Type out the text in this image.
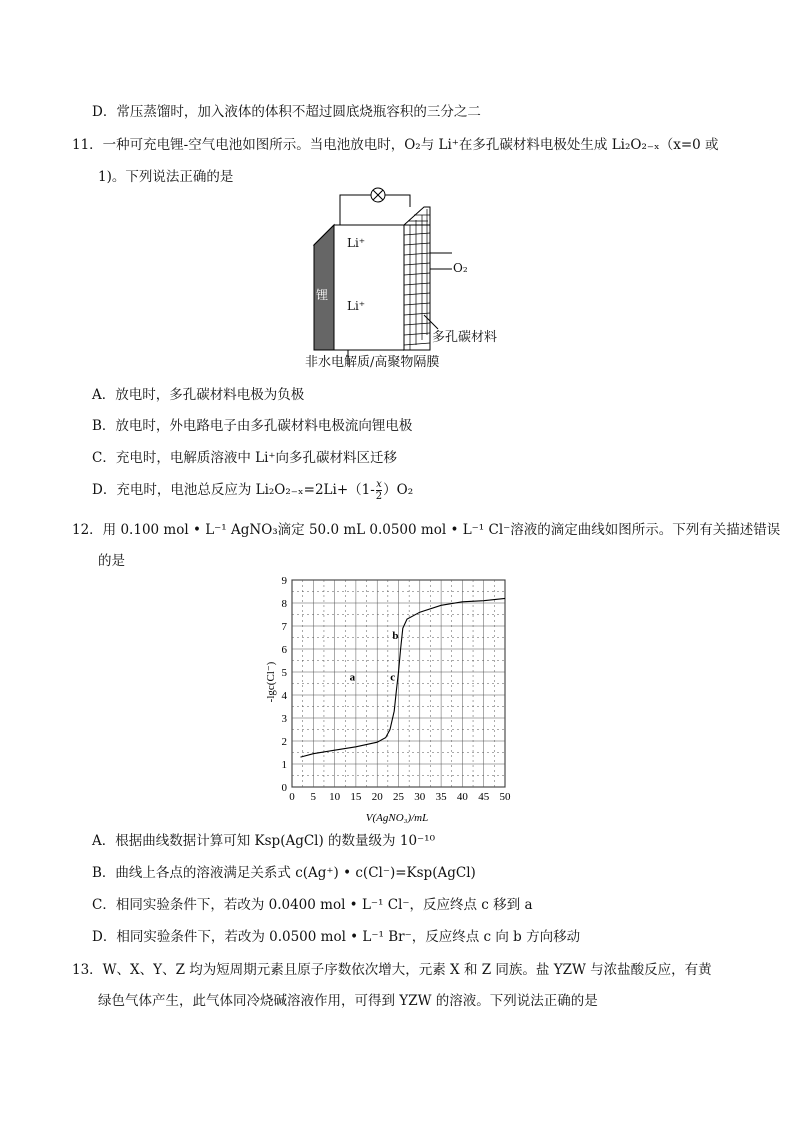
D．常压蒸馏时，加入液体的体积不超过圆底烧瓶容积的三分之二
11．一种可充电锂-空气电池如图所示。当电池放电时，O₂与 Li⁺在多孔碳材料电极处生成 Li₂O₂₋ₓ（x=0 或
1)。下列说法正确的是
Li⁺
Li⁺
锂
O₂
多孔碳材料
非水电解质/高聚物隔膜
A．放电时，多孔碳材料电极为负极
B．放电时，外电路电子由多孔碳材料电极流向锂电极
C．充电时，电解质溶液中 Li⁺向多孔碳材料区迁移
D．充电时，电池总反应为 $Li_2O_{2-x}=2Li+(1- \frac{x}{2} )O_2$
12．用 0.100 mol • L⁻¹ AgNO₃滴定 50.0 mL 0.0500 mol • L⁻¹ Cl⁻溶液的滴定曲线如图所示。下列有关描述错误
的是
0 5 10 15 20 25 30 35 40 45 50
0
1
2
3
4
5
6
7
8
9
a
b
c
-lgc(Cl⁻)
V(AgNO₃)/mL
A．根据曲线数据计算可知 Ksp(AgCl) 的数量级为 10⁻¹⁰
B．曲线上各点的溶液满足关系式 c(Ag⁺) • c(Cl⁻)=Ksp(AgCl)
C．相同实验条件下，若改为 0.0400 mol • L⁻¹ Cl⁻，反应终点 c 移到 a
D．相同实验条件下，若改为 0.0500 mol • L⁻¹ Br⁻，反应终点 c 向 b 方向移动
13．W、X、Y、Z 均为短周期元素且原子序数依次增大，元素 X 和 Z 同族。盐 YZW 与浓盐酸反应，有黄
绿色气体产生，此气体同冷烧碱溶液作用，可得到 YZW 的溶液。下列说法正确的是
